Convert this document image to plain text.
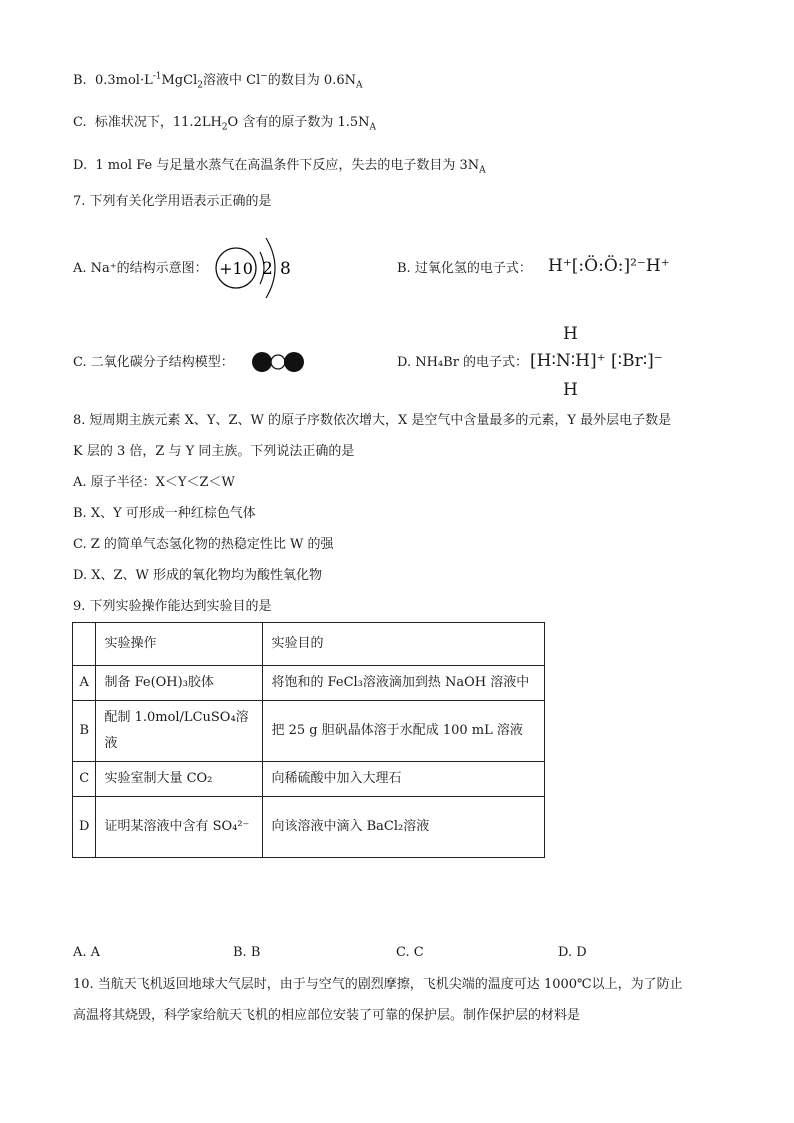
B. $0.3mol\cdot L^{-1}MgCl_2$溶液中 Cl−的数目为 $0.6N_A$
C. 标准状况下，$11.2LH_2O$ 含有的原子数为 $1.5N_A$
D. 1 mol Fe 与足量水蒸气在高温条件下反应，失去的电子数目为 $3N_A$
7. 下列有关化学用语表示正确的是
A. Na⁺的结构示意图： +10 2 8	B. 过氧化氢的电子式： H⁺[:Ö:Ö:]²⁻H⁺
C. 二氧化碳分子结构模型：	D. NH₄Br 的电子式：
H
[H∶N∶H]⁺ [∶Br∶]⁻
H
8. 短周期主族元素 X、Y、Z、W 的原子序数依次增大，X 是空气中含量最多的元素，Y 最外层电子数是
K 层的 3 倍，Z 与 Y 同主族。下列说法正确的是
A. 原子半径：X＜Y＜Z＜W
B. X、Y 可形成一种红棕色气体
C. Z 的简单气态氢化物的热稳定性比 W 的强
D. X、Z、W 形成的氧化物均为酸性氧化物
9. 下列实验操作能达到实验目的是
	实验操作	实验目的
A	制备 Fe(OH)₃胶体	将饱和的 FeCl₃溶液滴加到热 NaOH 溶液中
B	配制 1.0mol/LCuSO₄溶液	把 25 g 胆矾晶体溶于水配成 100 mL 溶液
C	实验室制大量 CO₂	向稀硫酸中加入大理石
D	证明某溶液中含有 SO₄²⁻	向该溶液中滴入 BaCl₂溶液
A. A	B. B	C. C	D. D
10. 当航天飞机返回地球大气层时，由于与空气的剧烈摩擦，飞机尖端的温度可达 1000℃以上，为了防止
高温将其烧毁，科学家给航天飞机的相应部位安装了可靠的保护层。制作保护层的材料是
